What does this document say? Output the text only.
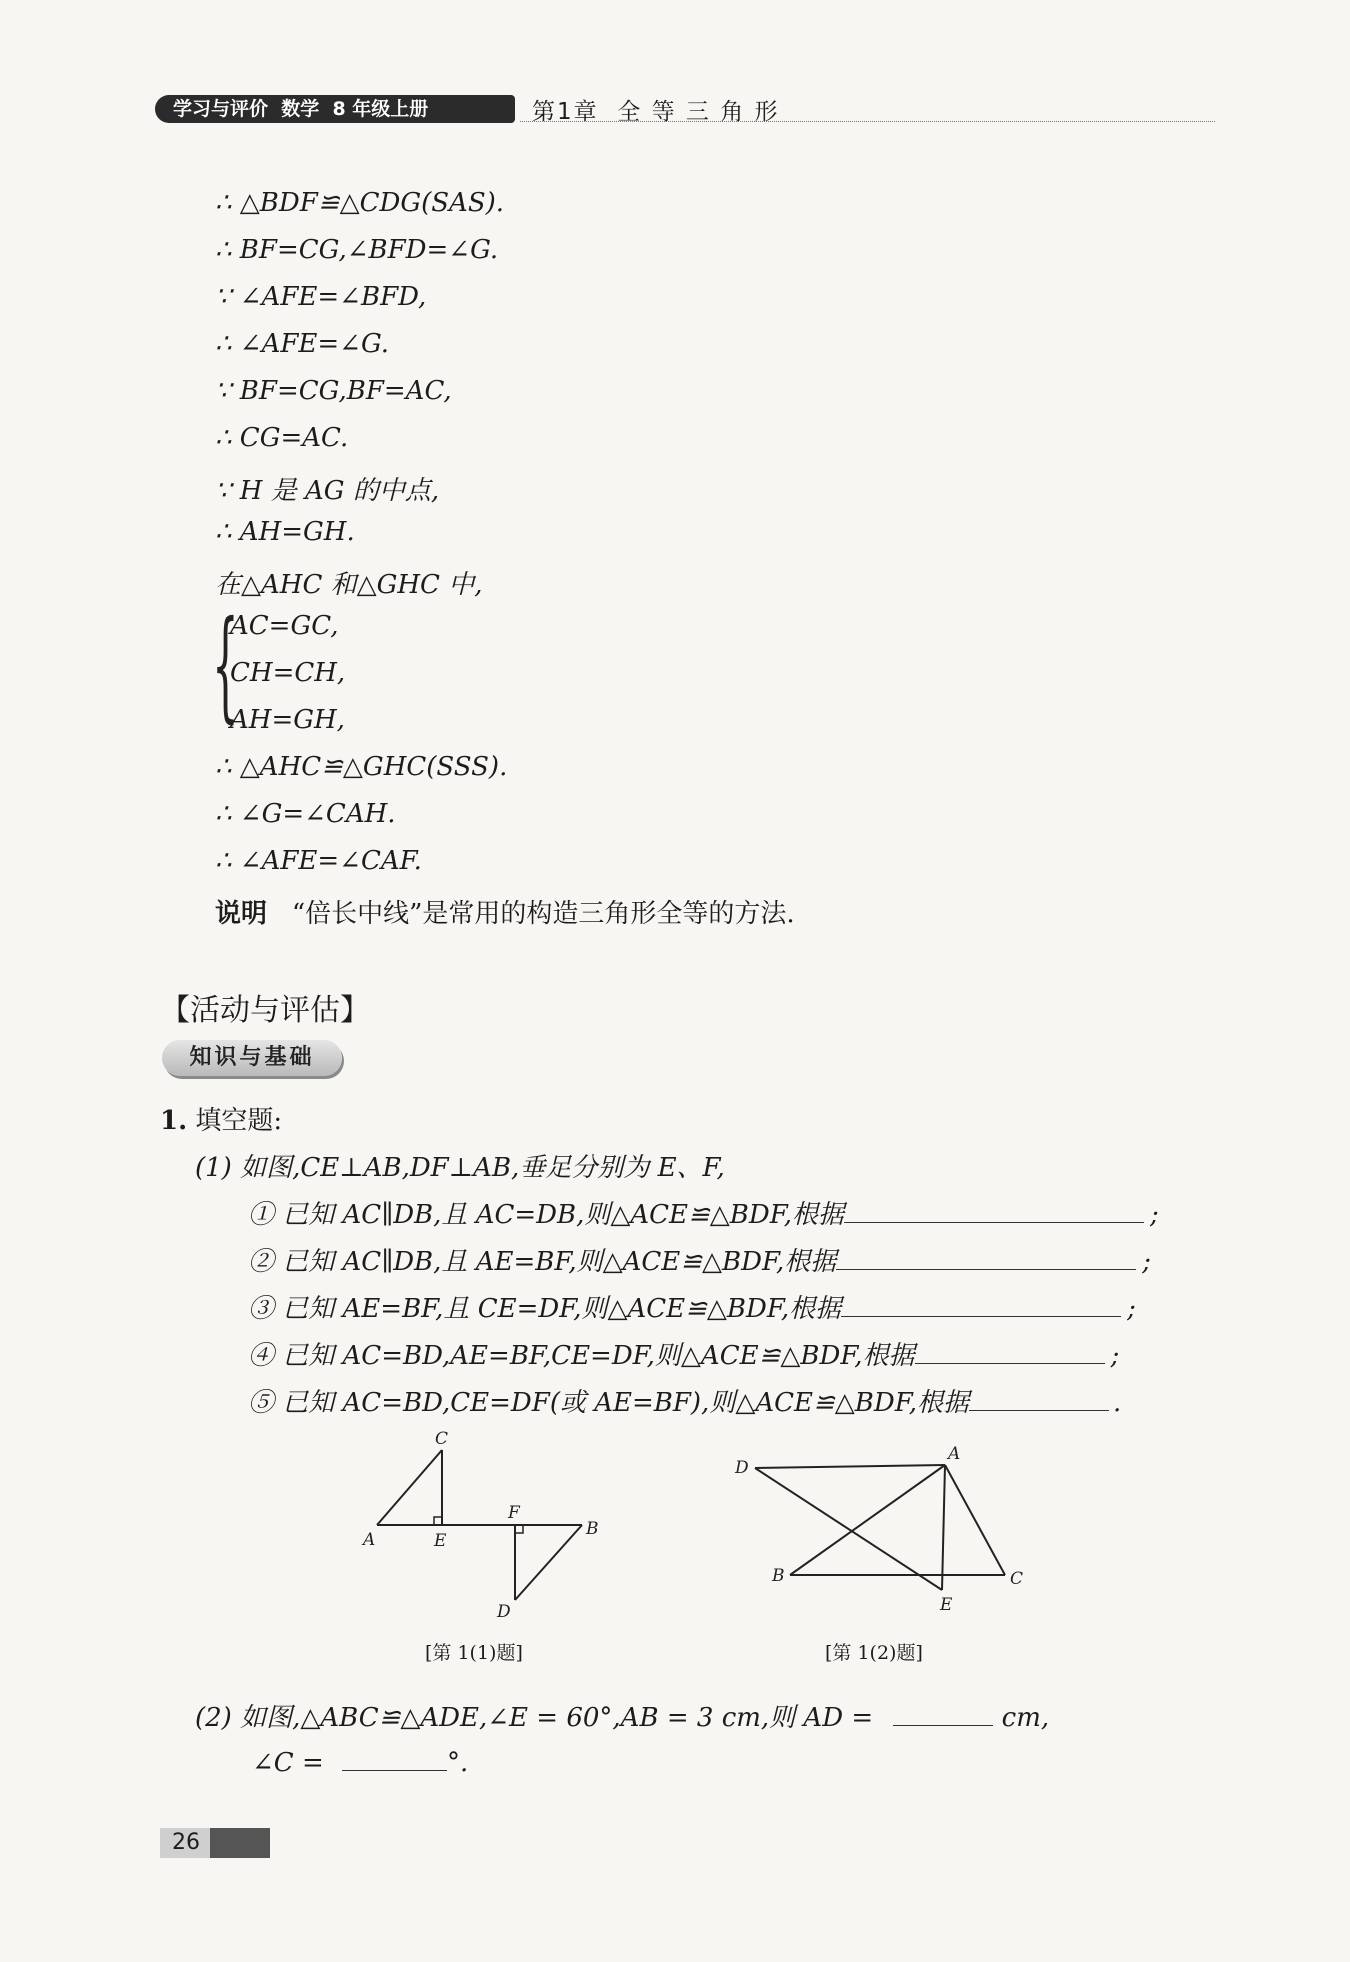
学习与评价  数学  8 年级上册	第1章  全 等 三 角 形
∴ △BDF≌△CDG(SAS).
∴ BF=CG,∠BFD=∠G.
∵ ∠AFE=∠BFD,
∴ ∠AFE=∠G.
∵ BF=CG,BF=AC,
∴ CG=AC.
∵ H 是 AG 的中点,
∴ AH=GH.
在△AHC 和△GHC 中,
{
AC=GC,
CH=CH,
AH=GH,
∴ △AHC≌△GHC(SSS).
∴ ∠G=∠CAH.
∴ ∠AFE=∠CAF.
说明 “倍长中线”是常用的构造三角形全等的方法.
【活动与评估】
知识与基础
1. 填空题:
(1) 如图,CE⊥AB,DF⊥AB,垂足分别为 E、F,
① 已知 AC∥DB,且 AC=DB,则△ACE≌△BDF,根据	;
② 已知 AC∥DB,且 AE=BF,则△ACE≌△BDF,根据	;
③ 已知 AE=BF,且 CE=DF,则△ACE≌△BDF,根据	;
④ 已知 AC=BD,AE=BF,CE=DF,则△ACE≌△BDF,根据	;
⑤ 已知 AC=BD,CE=DF(或 AE=BF),则△ACE≌△BDF,根据	.
A
B
C
D
E
F
[第 1(1)题]
D
A
B	C
E
[第 1(2)题]
(2) 如图,△ABC≌△ADE,∠E = 60°,AB = 3 cm,则 AD =	cm,
∠C =	°.
26
